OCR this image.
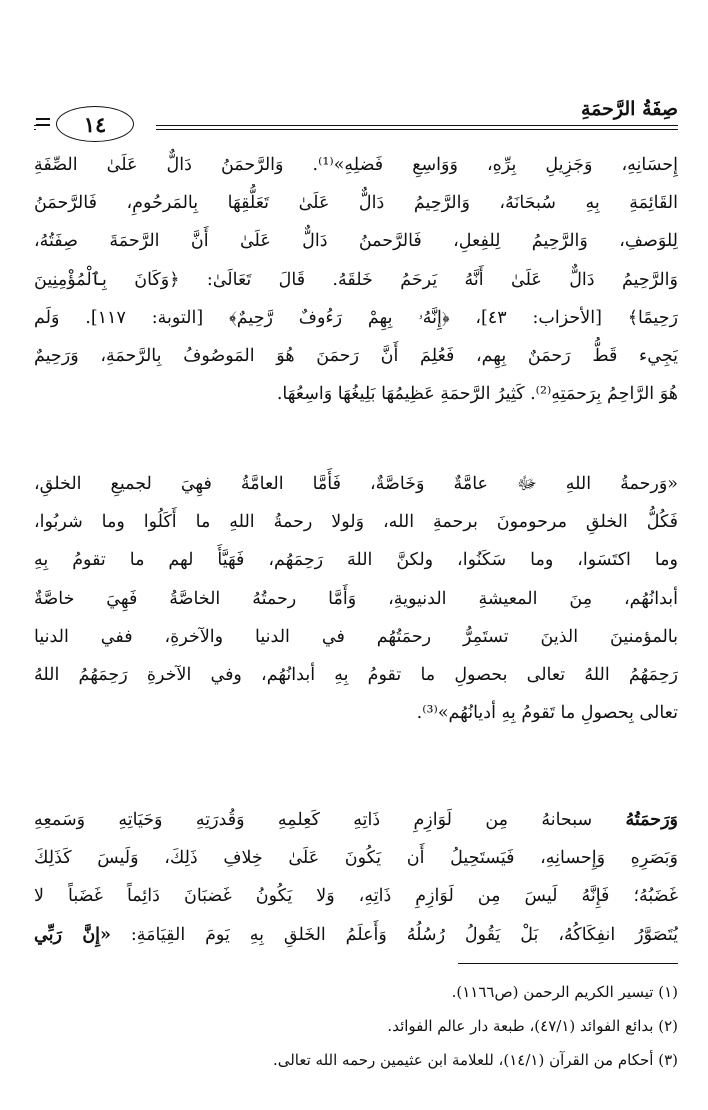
صِفَةُ الرَّحمَةِ
١٤
إِحسَانِهِ، وَجَزِيلِ بِرِّهِ، وَوَاسِعِ فَضلِهِ»⁽¹⁾. وَالرَّحمَنُ دَالٌّ عَلَىٰ الصِّفَةِ
القَائِمَةِ بِهِ سُبحَانَهُ، وَالرَّحِيمُ دَالٌّ عَلَىٰ تَعَلُّقِهَا بِالمَرحُومِ، فَالرَّحمَنُ
لِلوَصفِ، وَالرَّحِيمُ لِلفِعلِ، فَالرَّحمنُ دَالٌّ عَلَىٰ أَنَّ الرَّحمَةَ صِفَتُهُ،
وَالرَّحِيمُ دَالٌّ عَلَىٰ أَنَّهُ يَرحَمُ خَلقَهُ. قَالَ تَعَالَىٰ: ﴿وَكَانَ بِٱلْمُؤْمِنِينَ
رَحِيمًا﴾ [الأحزاب: ٤٣]، ﴿إِنَّهُۥ بِهِمْ رَءُوفٌ رَّحِيمٌ﴾ [التوبة: ١١٧]. وَلَم
يَجِيء قَطُّ رَحمَنٌ بِهِم، فَعُلِمَ أَنَّ رَحمَنَ هُوَ المَوصُوفُ بِالرَّحمَةِ، وَرَحِيمٌ
هُوَ الرَّاحِمُ بِرَحمَتِهِ⁽²⁾. كَثِيرُ الرَّحمَةِ عَظِيمُهَا بَلِيغُهَا وَاسِعُهَا.
«وَرحمةُ اللهِ ﷻ عامَّةٌ وَخَاصَّةٌ، فَأَمَّا العامَّةُ فهِيَ لجميعِ الخلقِ،
فَكُلُّ الخلقِ مرحومونَ برحمةِ الله، وَلولا رحمةُ اللهِ ما أَكَلُوا وما شربُوا،
وما اكتَسَوا، وما سَكَنُوا، ولكنَّ اللهَ رَحِمَهُم، فَهَيَّأَ لهم ما تقومُ بِهِ
أبدانُهُم، مِنَ المعيشةِ الدنيويةِ، وَأَمَّا رحمتُهُ الخاصَّةُ فَهِيَ خاصَّةٌ
بالمؤمنينَ الذينَ تستَمِرُّ رحمَتُهُم في الدنيا والآخرةِ، ففي الدنيا
رَحِمَهُمُ اللهُ تعالى بحصولِ ما تقومُ بِهِ أبدانُهُم، وفي الآخرةِ رَحِمَهُمُ اللهُ
تعالى بِحصولِ ما تَقومُ بِهِ أديانُهُم»⁽³⁾.
وَرَحمَتُهُ سبحانهُ مِن لَوَازِمِ ذَاتِهِ كَعِلمِهِ وَقُدرَتِهِ وَحَيَاتِهِ وَسَمعِهِ
وَبَصَرِهِ وَإِحسانِهِ، فَيَستَحِيلُ أَن يَكُونَ عَلَىٰ خِلافِ ذَلِكَ، وَلَيسَ كَذَلِكَ
غَضَبُهُ؛ فَإِنَّهُ لَيسَ مِن لَوَازِمِ ذَاتِهِ، وَلا يَكُونُ غَضبَانَ دَائِماً غَضَباً لا
يُتَصَوَّرُ انفِكَاكُهُ، بَلْ يَقُولُ رُسُلُهُ وَأَعلَمُ الخَلقِ بِهِ يَومَ القِيَامَةِ: «إِنَّ رَبِّي
(١) تيسير الكريم الرحمن (ص١١٦٦).
(٢) بدائع الفوائد (٤٧/١)، طبعة دار عالم الفوائد.
(٣) أحكام من القرآن (١٤/١)، للعلامة ابن عثيمين رحمه الله تعالى.
